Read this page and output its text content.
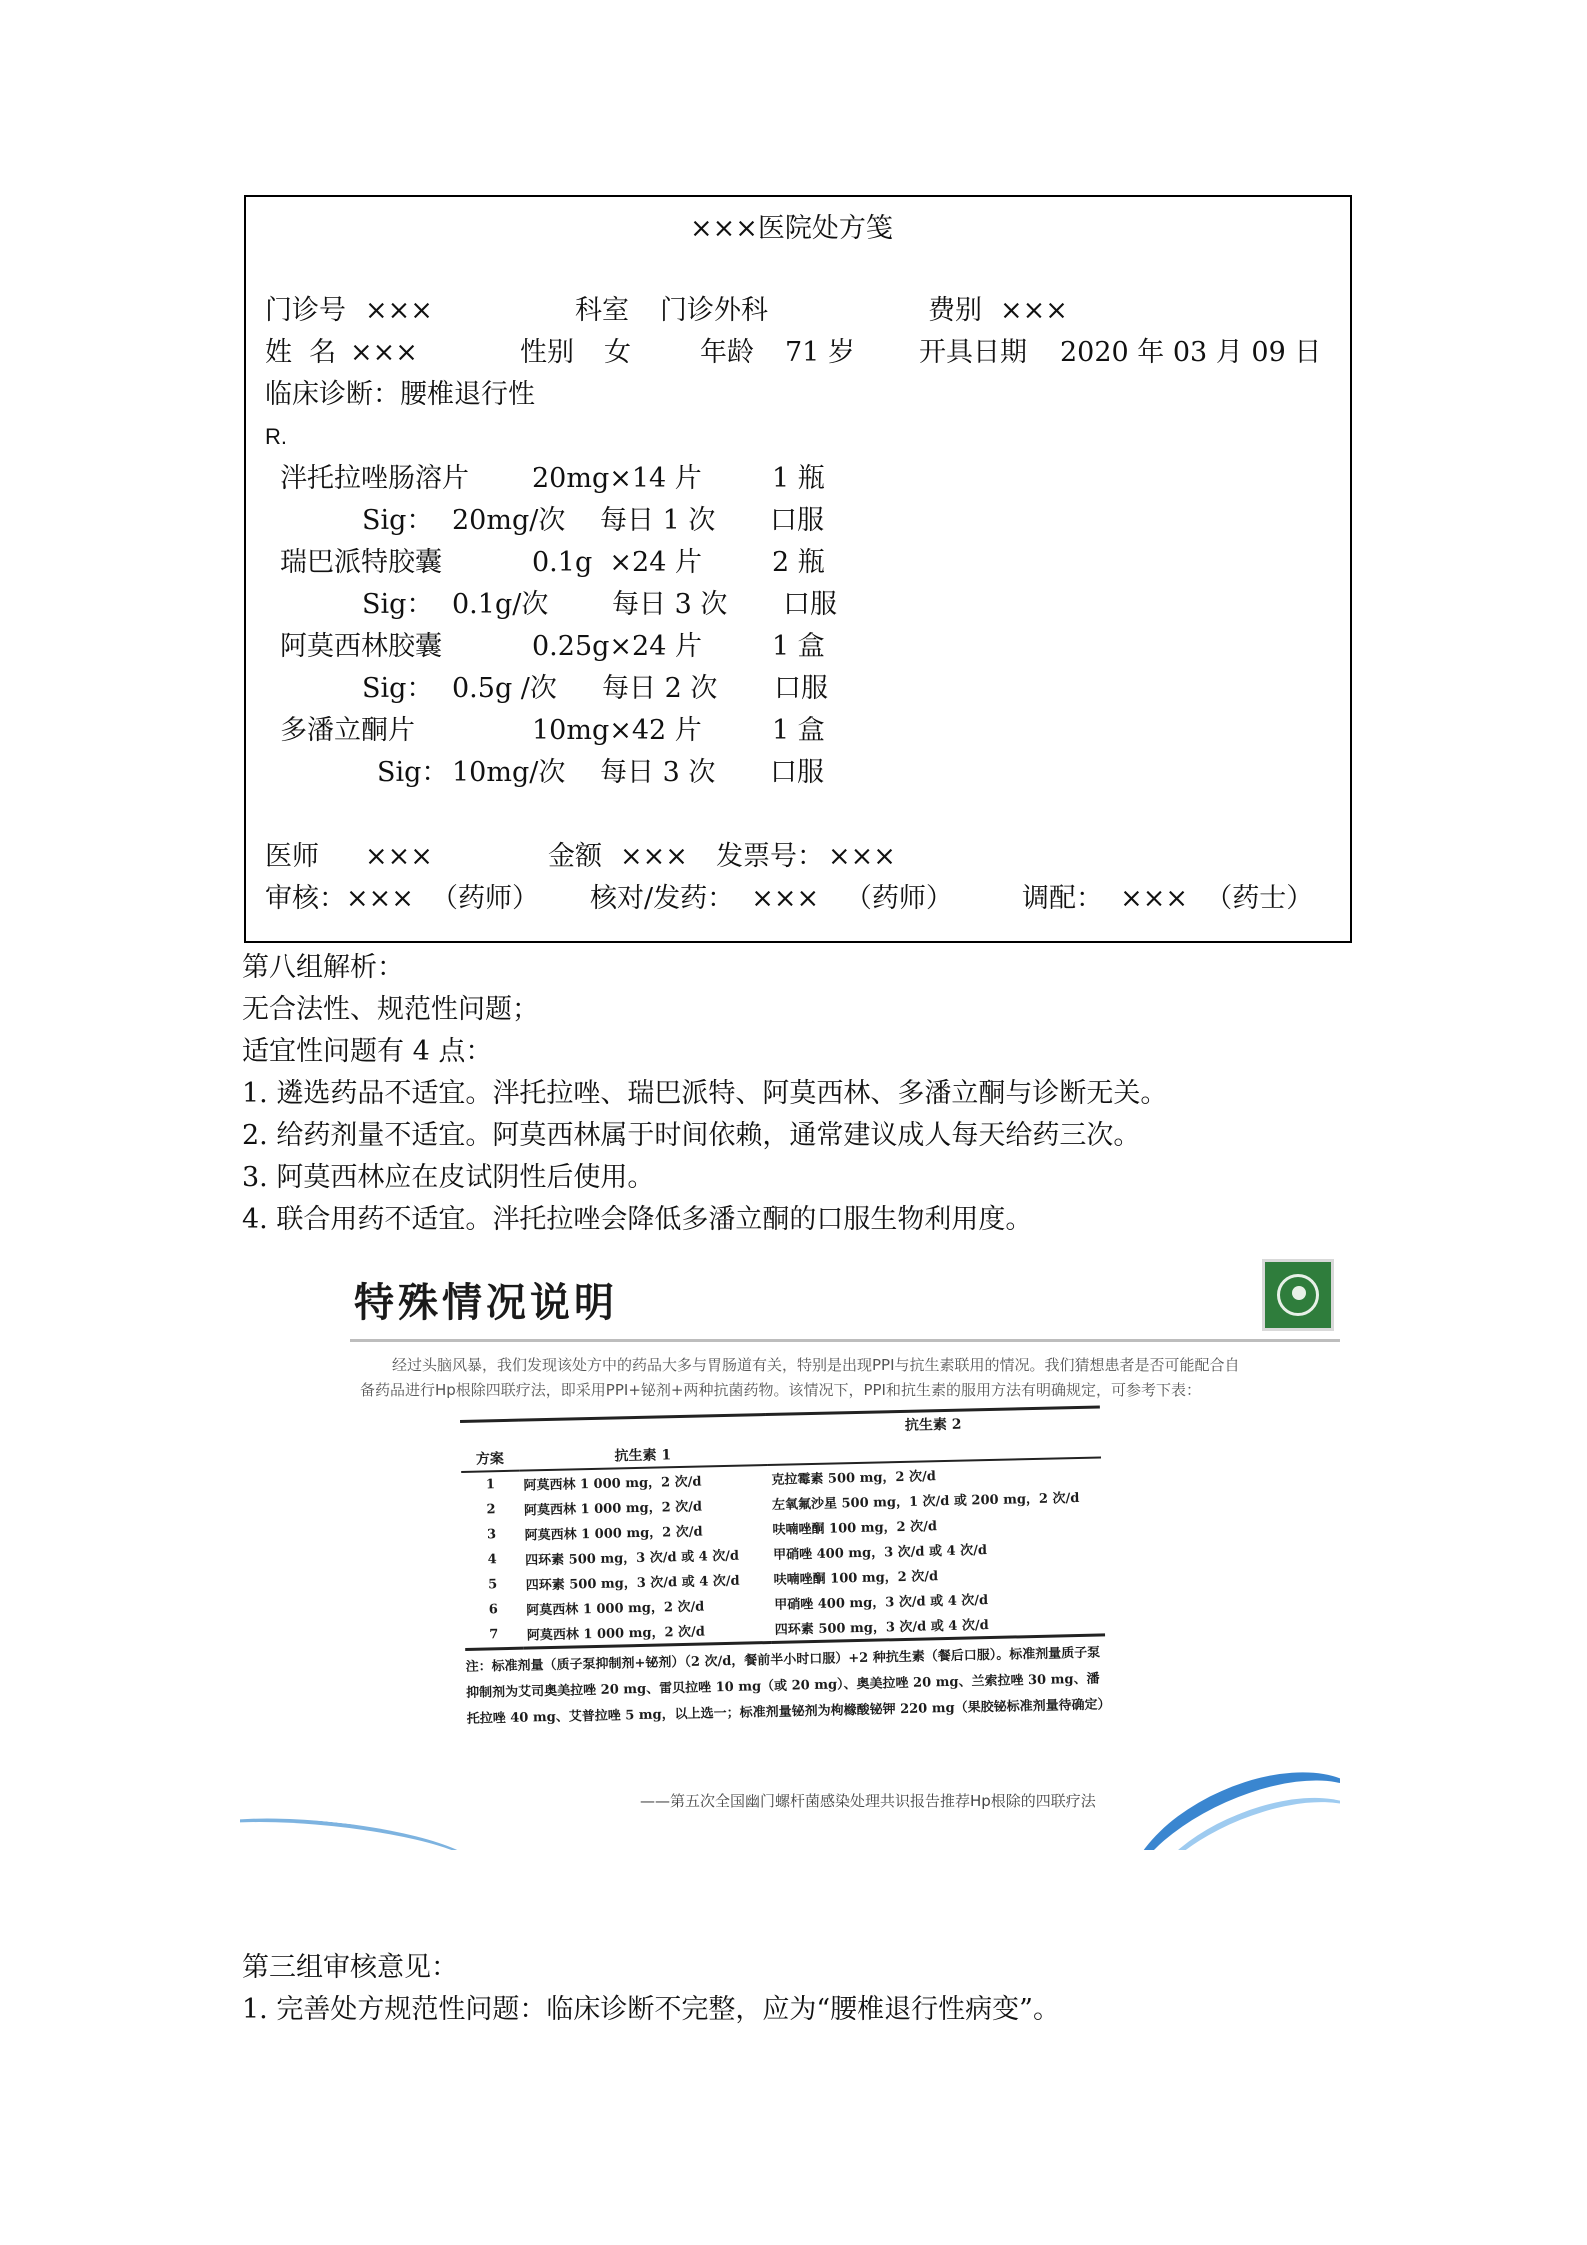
×××医院处方笺
门诊号 ×××	科室 门诊外科	费别 ×××
姓  名 ×××	性别 女	年龄 71 岁 开具日期 2020 年 03 月 09 日
临床诊断：腰椎退行性
R.
泮托拉唑肠溶片 20mg×14 片	1 瓶
Sig： 20mg/次 每日 1 次 口服
瑞巴派特胶囊	0.1g  ×24 片	2 瓶
Sig： 0.1g/次 每日 3 次 口服
阿莫西林胶囊	0.25g×24 片	1 盒
Sig： 0.5g /次 每日 2 次 口服
多潘立酮片	10mg×42 片	1 盒
Sig： 10mg/次 每日 3 次 口服
医师 ×××	金额 ××× 发票号： ×××
审核：×××  （药师） 核对/发药：  ×××   （药师）	调配：  ×××  （药士）
第八组解析：
无合法性、规范性问题；
适宜性问题有 4 点：
1. 遴选药品不适宜。泮托拉唑、瑞巴派特、阿莫西林、多潘立酮与诊断无关。
2. 给药剂量不适宜。阿莫西林属于时间依赖，通常建议成人每天给药三次。
3. 阿莫西林应在皮试阴性后使用。
4. 联合用药不适宜。泮托拉唑会降低多潘立酮的口服生物利用度。
特殊情况说明
经过头脑风暴，我们发现该处方中的药品大多与胃肠道有关，特别是出现PPI与抗生素联用的情况。我们猜想患者是否可能配合自备药品进行Hp根除四联疗法，即采用PPI+铋剂+两种抗菌药物。该情况下，PPI和抗生素的服用方法有明确规定，可参考下表：
		抗生素 2
方案	抗生素 1	
1	阿莫西林 1 000 mg，2 次/d	克拉霉素 500 mg，2 次/d
2	阿莫西林 1 000 mg，2 次/d	左氧氟沙星 500 mg，1 次/d 或 200 mg，2 次/d
3	阿莫西林 1 000 mg，2 次/d	呋喃唑酮 100 mg，2 次/d
4	四环素 500 mg，3 次/d 或 4 次/d	甲硝唑 400 mg，3 次/d 或 4 次/d
5	四环素 500 mg，3 次/d 或 4 次/d	呋喃唑酮 100 mg，2 次/d
6	阿莫西林 1 000 mg，2 次/d	甲硝唑 400 mg，3 次/d 或 4 次/d
7	阿莫西林 1 000 mg，2 次/d	四环素 500 mg，3 次/d 或 4 次/d
注：标准剂量（质子泵抑制剂+铋剂）（2 次/d，餐前半小时口服）+2 种抗生素（餐后口服）。标准剂量质子泵抑制剂为艾司奥美拉唑 20 mg、雷贝拉唑 10 mg（或 20 mg）、奥美拉唑 20 mg、兰索拉唑 30 mg、潘托拉唑 40 mg、艾普拉唑 5 mg，以上选一；标准剂量铋剂为枸橼酸铋钾 220 mg（果胶铋标准剂量待确定）
——第五次全国幽门螺杆菌感染处理共识报告推荐Hp根除的四联疗法
第三组审核意见：
1. 完善处方规范性问题：临床诊断不完整，应为“腰椎退行性病变”。
